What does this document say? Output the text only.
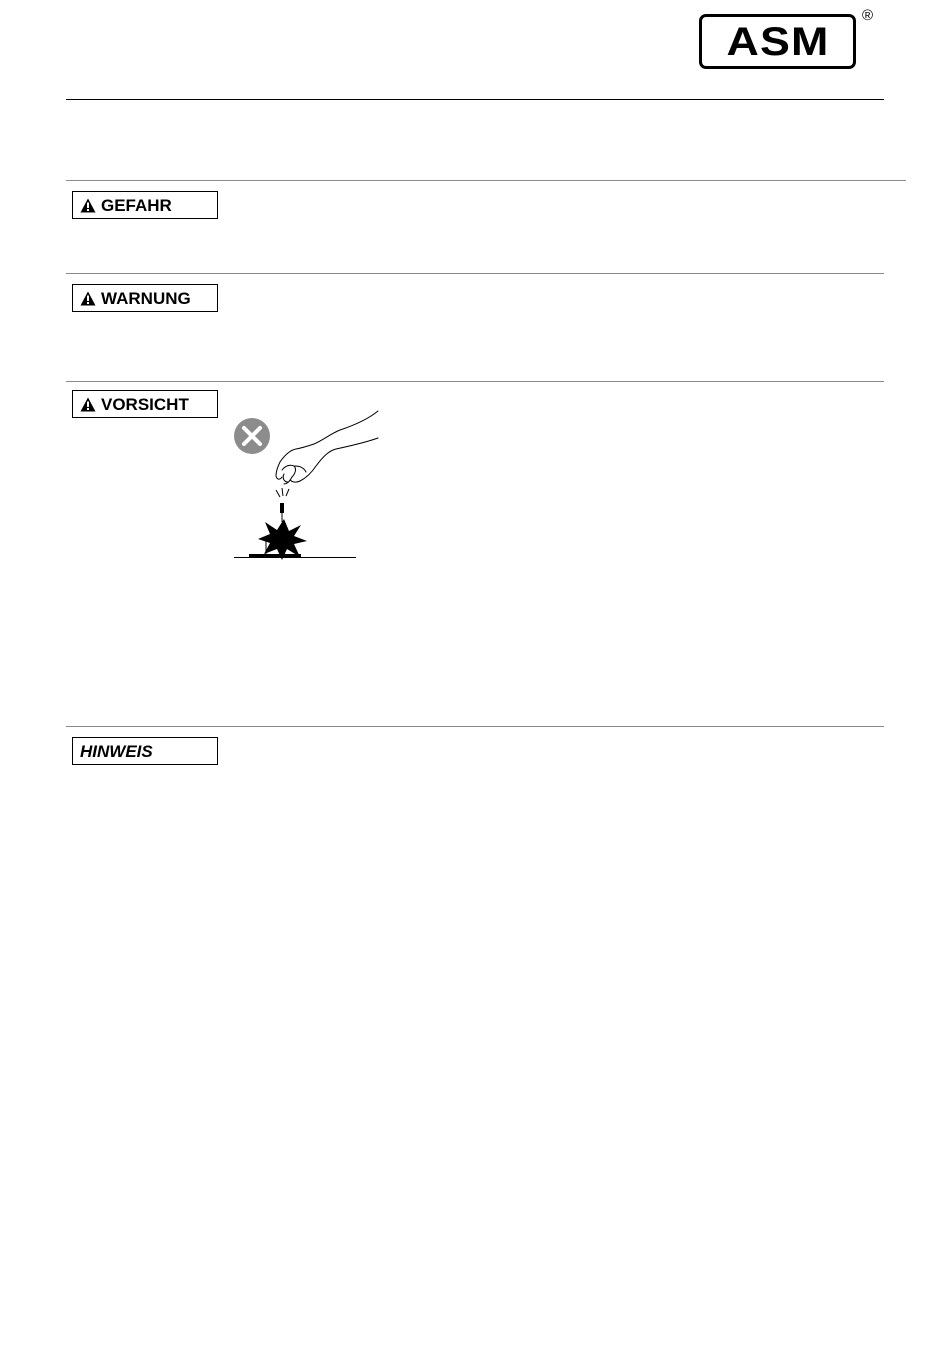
ASM
®
GEFAHR
WARNUNG
VORSICHT
HINWEIS
